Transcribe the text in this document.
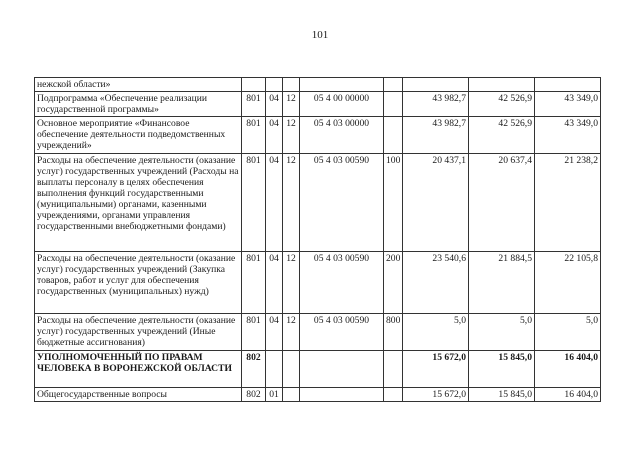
101
нежской области»								
Подпрограмма «Обеспечение реализации государственной программы»	801	04	12	05 4 00 00000		43 982,7	42 526,9	43 349,0
Основное мероприятие «Финансовое обеспечение деятельности подведомственных учреждений»	801	04	12	05 4 03 00000		43 982,7	42 526,9	43 349,0
Расходы на обеспечение деятельности (оказание услуг) государственных учреждений (Расходы на выплаты персоналу в целях обеспечения выполнения функций государственными (муниципальными) органами, казенными учреждениями, органами управления государственными внебюджетными фондами)	801	04	12	05 4 03 00590	100	20 437,1	20 637,4	21 238,2
Расходы на обеспечение деятельности (оказание услуг) государственных учреждений (Закупка товаров, работ и услуг для обеспечения государственных (муниципальных) нужд)	801	04	12	05 4 03 00590	200	23 540,6	21 884,5	22 105,8
Расходы на обеспечение деятельности (оказание услуг) государственных учреждений (Иные бюджетные ассигнования)	801	04	12	05 4 03 00590	800	5,0	5,0	5,0
УПОЛНОМОЧЕННЫЙ ПО ПРАВАМ ЧЕЛОВЕКА В ВОРОНЕЖСКОЙ ОБЛАСТИ	802					15 672,0	15 845,0	16 404,0
Общегосударственные вопросы	802	01				15 672,0	15 845,0	16 404,0
